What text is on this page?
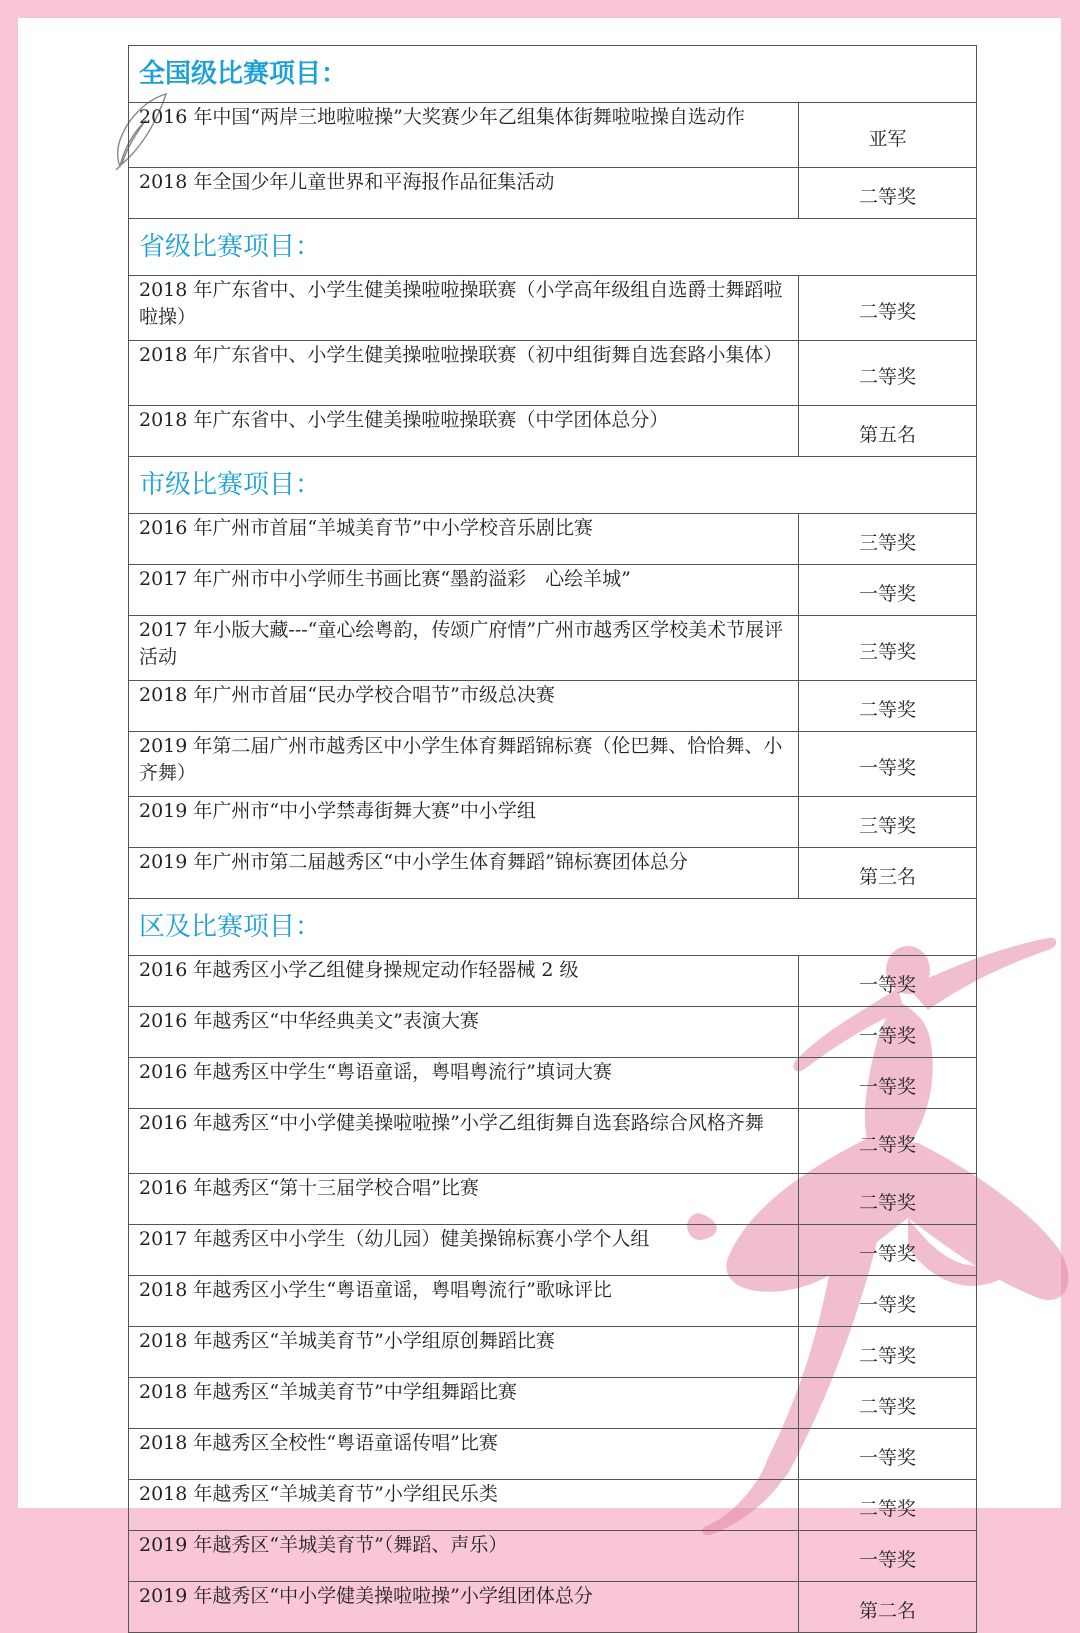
全国级比赛项目：	
2016 年中国“两岸三地啦啦操”大奖赛少年乙组集体街舞啦啦操自选动作	亚军
2018 年全国少年儿童世界和平海报作品征集活动	二等奖
省级比赛项目：	
2018 年广东省中、小学生健美操啦啦操联赛（小学高年级组自选爵士舞蹈啦啦操）	二等奖
2018 年广东省中、小学生健美操啦啦操联赛（初中组街舞自选套路小集体）	二等奖
2018 年广东省中、小学生健美操啦啦操联赛（中学团体总分）	第五名
市级比赛项目：	
2016 年广州市首届“羊城美育节”中小学校音乐剧比赛	三等奖
2017 年广州市中小学师生书画比赛“墨韵溢彩　心绘羊城”	一等奖
2017 年小版大藏---“童心绘粤韵，传颂广府情”广州市越秀区学校美术节展评活动	三等奖
2018 年广州市首届“民办学校合唱节”市级总决赛	二等奖
2019 年第二届广州市越秀区中小学生体育舞蹈锦标赛（伦巴舞、恰恰舞、小齐舞）	一等奖
2019 年广州市“中小学禁毒街舞大赛”中小学组	三等奖
2019 年广州市第二届越秀区“中小学生体育舞蹈”锦标赛团体总分	第三名
区及比赛项目：	
2016 年越秀区小学乙组健身操规定动作轻器械 2 级	一等奖
2016 年越秀区“中华经典美文”表演大赛	一等奖
2016 年越秀区中学生“粤语童谣，粤唱粤流行”填词大赛	一等奖
2016 年越秀区“中小学健美操啦啦操”小学乙组街舞自选套路综合风格齐舞	二等奖
2016 年越秀区“第十三届学校合唱”比赛	二等奖
2017 年越秀区中小学生（幼儿园）健美操锦标赛小学个人组	一等奖
2018 年越秀区小学生“粤语童谣，粤唱粤流行”歌咏评比	一等奖
2018 年越秀区“羊城美育节”小学组原创舞蹈比赛	二等奖
2018 年越秀区“羊城美育节”中学组舞蹈比赛	二等奖
2018 年越秀区全校性“粤语童谣传唱”比赛	一等奖
2018 年越秀区“羊城美育节”小学组民乐类	二等奖
2019 年越秀区“羊城美育节”（舞蹈、声乐）	一等奖
2019 年越秀区“中小学健美操啦啦操”小学组团体总分	第二名
